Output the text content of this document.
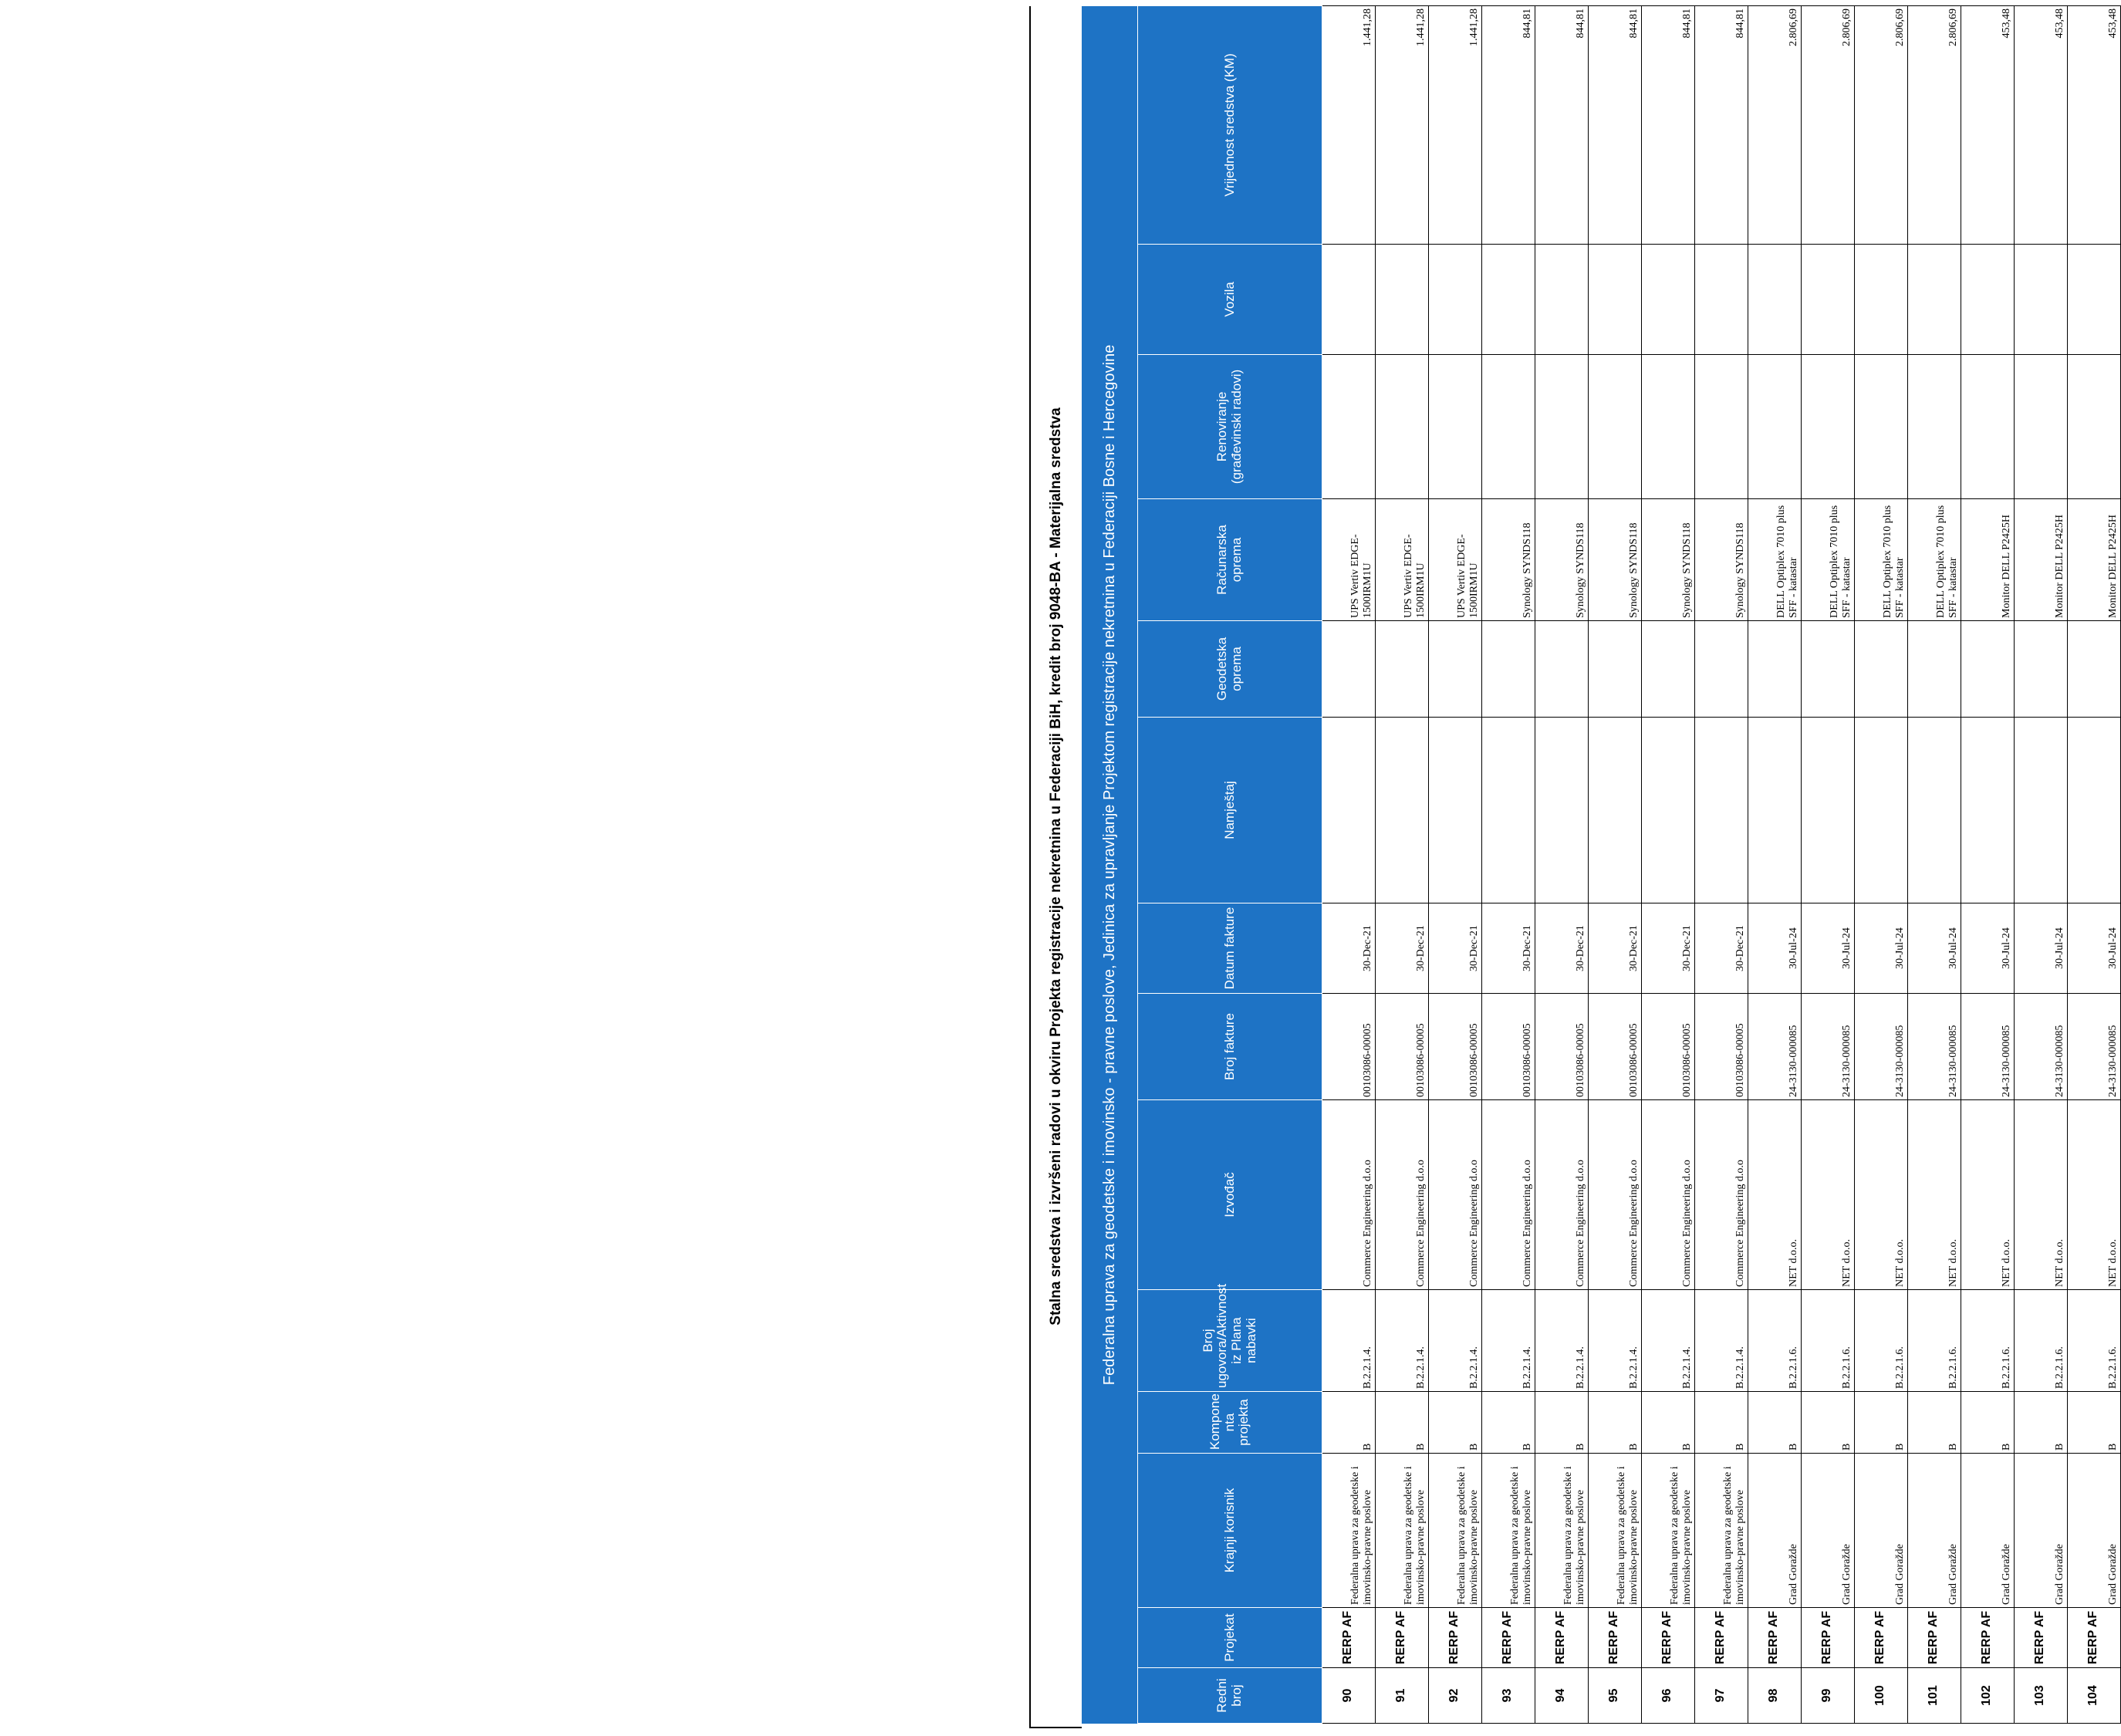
Stalna sredstva i izvršeni radovi u okviru Projekta registracije nekretnina u Federaciji BiH, kredit broj 9048-BA - Materijalna sredstva	Federalna uprava za geodetske i imovinsko - pravne poslove, Jedinica za upravljanje Projektom registracije nekretnina u Federaciji Bosne i Hercegovine
Redni broj	Projekat	Krajnji korisnik	Kompone nta projekta	Broj ugovora/Aktivnost iz Plana nabavki	Izvođač	Broj fakture	Datum fakture	Namještaj	Geodetska oprema	Računarska oprema	Renoviranje (građevinski radovi)	Vozila	Vrijednost sredstva (KM)
90	RERP AF	Federalna uprava za geodetske i imovinsko-pravne poslove	B	B.2.2.1.4.	Commerce Engineering d.o.o	00103086-00005	30-Dec-21			UPS Vertiv EDGE-1500IRM1U			1.441,28
91	RERP AF	Federalna uprava za geodetske i imovinsko-pravne poslove	B	B.2.2.1.4.	Commerce Engineering d.o.o	00103086-00005	30-Dec-21			UPS Vertiv EDGE-1500IRM1U			1.441,28
92	RERP AF	Federalna uprava za geodetske i imovinsko-pravne poslove	B	B.2.2.1.4.	Commerce Engineering d.o.o	00103086-00005	30-Dec-21			UPS Vertiv EDGE-1500IRM1U			1.441,28
93	RERP AF	Federalna uprava za geodetske i imovinsko-pravne poslove	B	B.2.2.1.4.	Commerce Engineering d.o.o	00103086-00005	30-Dec-21			Synology SYNDS118			844,81
94	RERP AF	Federalna uprava za geodetske i imovinsko-pravne poslove	B	B.2.2.1.4.	Commerce Engineering d.o.o	00103086-00005	30-Dec-21			Synology SYNDS118			844,81
95	RERP AF	Federalna uprava za geodetske i imovinsko-pravne poslove	B	B.2.2.1.4.	Commerce Engineering d.o.o	00103086-00005	30-Dec-21			Synology SYNDS118			844,81
96	RERP AF	Federalna uprava za geodetske i imovinsko-pravne poslove	B	B.2.2.1.4.	Commerce Engineering d.o.o	00103086-00005	30-Dec-21			Synology SYNDS118			844,81
97	RERP AF	Federalna uprava za geodetske i imovinsko-pravne poslove	B	B.2.2.1.4.	Commerce Engineering d.o.o	00103086-00005	30-Dec-21			Synology SYNDS118			844,81
98	RERP AF	Grad Goražde	B	B.2.2.1.6.	NET d.o.o.	24-3130-000085	30-Jul-24			DELL Optiplex 7010 plus SFF - katastar			2.806,69
99	RERP AF	Grad Goražde	B	B.2.2.1.6.	NET d.o.o.	24-3130-000085	30-Jul-24			DELL Optiplex 7010 plus SFF - katastar			2.806,69
100	RERP AF	Grad Goražde	B	B.2.2.1.6.	NET d.o.o.	24-3130-000085	30-Jul-24			DELL Optiplex 7010 plus SFF - katastar			2.806,69
101	RERP AF	Grad Goražde	B	B.2.2.1.6.	NET d.o.o.	24-3130-000085	30-Jul-24			DELL Optiplex 7010 plus SFF - katastar			2.806,69
102	RERP AF	Grad Goražde	B	B.2.2.1.6.	NET d.o.o.	24-3130-000085	30-Jul-24			Monitor DELL P2425H			453,48
103	RERP AF	Grad Goražde	B	B.2.2.1.6.	NET d.o.o.	24-3130-000085	30-Jul-24			Monitor DELL P2425H			453,48
104	RERP AF	Grad Goražde	B	B.2.2.1.6.	NET d.o.o.	24-3130-000085	30-Jul-24			Monitor DELL P2425H			453,48
